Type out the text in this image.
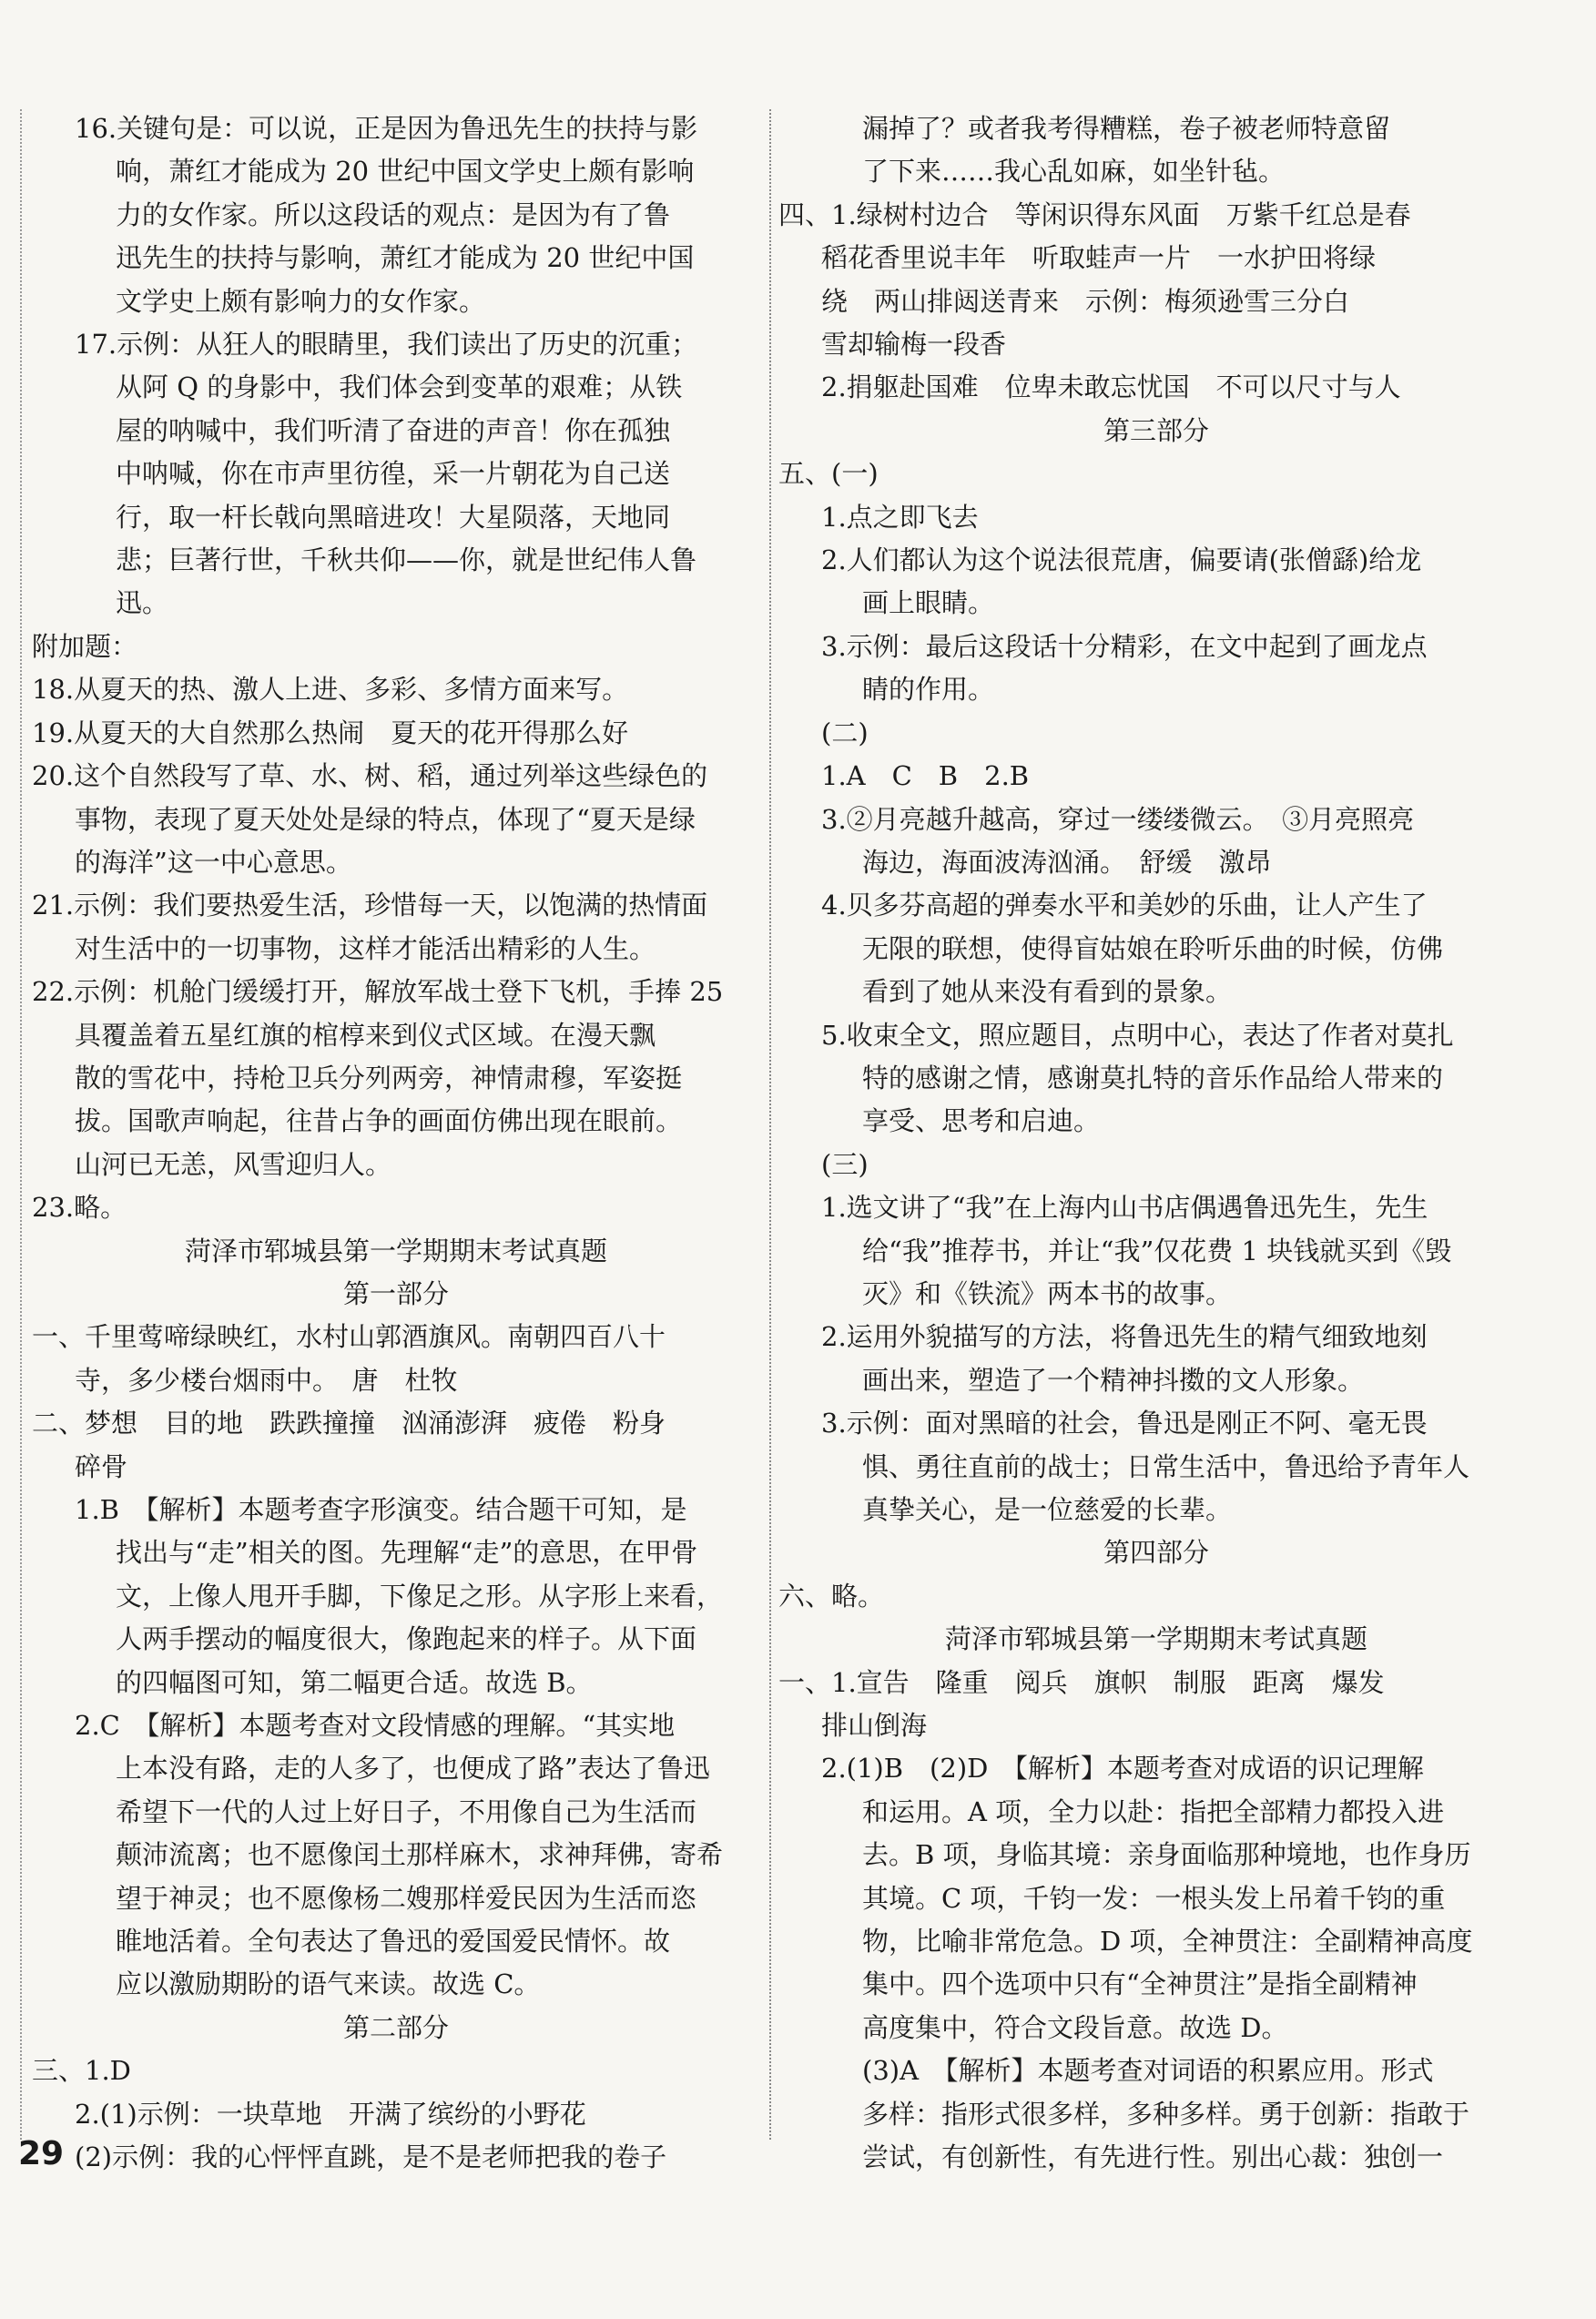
16.关键句是：可以说，正是因为鲁迅先生的扶持与影
响，萧红才能成为 20 世纪中国文学史上颇有影响
力的女作家。所以这段话的观点：是因为有了鲁
迅先生的扶持与影响，萧红才能成为 20 世纪中国
文学史上颇有影响力的女作家。
17.示例：从狂人的眼睛里，我们读出了历史的沉重；
从阿 Q 的身影中，我们体会到变革的艰难；从铁
屋的呐喊中，我们听清了奋进的声音！你在孤独
中呐喊，你在市声里彷徨，采一片朝花为自己送
行，取一杆长戟向黑暗进攻！大星陨落，天地同
悲；巨著行世，千秋共仰——你，就是世纪伟人鲁
迅。
附加题：
18.从夏天的热、激人上进、多彩、多情方面来写。
19.从夏天的大自然那么热闹　夏天的花开得那么好
20.这个自然段写了草、水、树、稻，通过列举这些绿色的
事物，表现了夏天处处是绿的特点，体现了“夏天是绿
的海洋”这一中心意思。
21.示例：我们要热爱生活，珍惜每一天，以饱满的热情面
对生活中的一切事物，这样才能活出精彩的人生。
22.示例：机舱门缓缓打开，解放军战士登下飞机，手捧 25
具覆盖着五星红旗的棺椁来到仪式区域。在漫天飘
散的雪花中，持枪卫兵分列两旁，神情肃穆，军姿挺
拔。国歌声响起，往昔占争的画面仿佛出现在眼前。
山河已无恙，风雪迎归人。
23.略。
菏泽市郓城县第一学期期末考试真题
第一部分
一、千里莺啼绿映红，水村山郭酒旗风。南朝四百八十
寺，多少楼台烟雨中。　唐　杜牧
二、梦想　目的地　跌跌撞撞　汹涌澎湃　疲倦　粉身
碎骨
1.B　【解析】本题考查字形演变。结合题干可知，是
找出与“走”相关的图。先理解“走”的意思，在甲骨
文，上像人甩开手脚，下像足之形。从字形上来看，
人两手摆动的幅度很大，像跑起来的样子。从下面
的四幅图可知，第二幅更合适。故选 B。
2.C　【解析】本题考查对文段情感的理解。“其实地
上本没有路，走的人多了，也便成了路”表达了鲁迅
希望下一代的人过上好日子，不用像自己为生活而
颠沛流离；也不愿像闰土那样麻木，求神拜佛，寄希
望于神灵；也不愿像杨二嫂那样爱民因为生活而恣
睢地活着。全句表达了鲁迅的爱国爱民情怀。故
应以激励期盼的语气来读。故选 C。
第二部分
三、1.D
2.(1)示例：一块草地　开满了缤纷的小野花
(2)示例：我的心怦怦直跳，是不是老师把我的卷子
漏掉了？或者我考得糟糕，卷子被老师特意留
了下来……我心乱如麻，如坐针毡。
四、1.绿树村边合　等闲识得东风面　万紫千红总是春
稻花香里说丰年　听取蛙声一片　一水护田将绿
绕　两山排闼送青来　示例：梅须逊雪三分白
雪却输梅一段香
2.捐躯赴国难　位卑未敢忘忧国　不可以尺寸与人
第三部分
五、(一)
1.点之即飞去
2.人们都认为这个说法很荒唐，偏要请(张僧繇)给龙
画上眼睛。
3.示例：最后这段话十分精彩，在文中起到了画龙点
睛的作用。
(二)
1.A　C　B　2.B
3.②月亮越升越高，穿过一缕缕微云。　③月亮照亮
海边，海面波涛汹涌。　舒缓　激昂
4.贝多芬高超的弹奏水平和美妙的乐曲，让人产生了
无限的联想，使得盲姑娘在聆听乐曲的时候，仿佛
看到了她从来没有看到的景象。
5.收束全文，照应题目，点明中心，表达了作者对莫扎
特的感谢之情，感谢莫扎特的音乐作品给人带来的
享受、思考和启迪。
(三)
1.选文讲了“我”在上海内山书店偶遇鲁迅先生，先生
给“我”推荐书，并让“我”仅花费 1 块钱就买到《毁
灭》和《铁流》两本书的故事。
2.运用外貌描写的方法，将鲁迅先生的精气细致地刻
画出来，塑造了一个精神抖擞的文人形象。
3.示例：面对黑暗的社会，鲁迅是刚正不阿、毫无畏
惧、勇往直前的战士；日常生活中，鲁迅给予青年人
真挚关心，是一位慈爱的长辈。
第四部分
六、略。
菏泽市郓城县第一学期期末考试真题
一、1.宣告　隆重　阅兵　旗帜　制服　距离　爆发
排山倒海
2.(1)B　(2)D　【解析】本题考查对成语的识记理解
和运用。A 项，全力以赴：指把全部精力都投入进
去。B 项，身临其境：亲身面临那种境地，也作身历
其境。C 项，千钧一发：一根头发上吊着千钧的重
物，比喻非常危急。D 项，全神贯注：全副精神高度
集中。四个选项中只有“全神贯注”是指全副精神
高度集中，符合文段旨意。故选 D。
(3)A　【解析】本题考查对词语的积累应用。形式
多样：指形式很多样，多种多样。勇于创新：指敢于
尝试，有创新性，有先进行性。别出心裁：独创一
29
